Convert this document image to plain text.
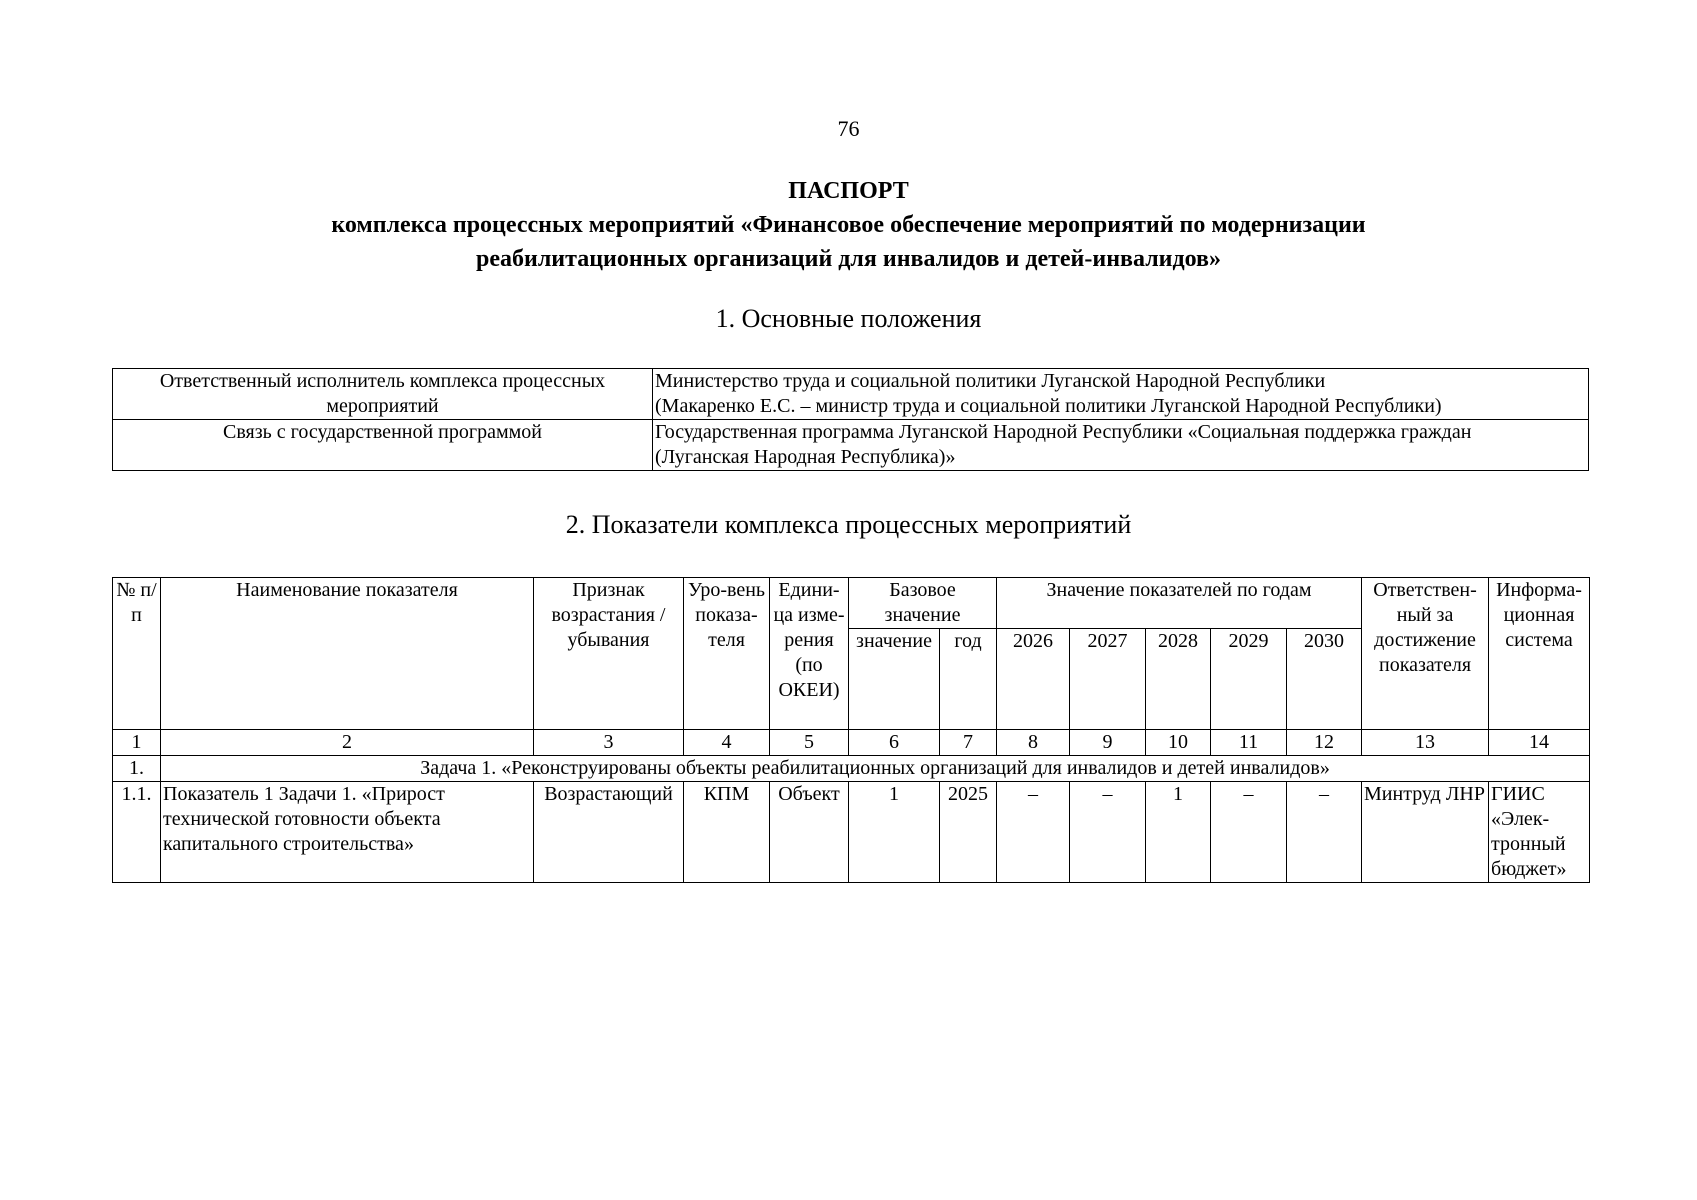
76
ПАСПОРТ
комплекса процессных мероприятий «Финансовое обеспечение мероприятий по модернизации
реабилитационных организаций для инвалидов и детей-инвалидов»
1. Основные положения
Ответственный исполнитель комплекса процессных мероприятий	Министерство труда и социальной политики Луганской Народной Республики
(Макаренко Е.С. – министр труда и социальной политики Луганской Народной Республики)

Связь с государственной программой	Государственная программа Луганской Народной Республики «Социальная поддержка граждан
(Луганская Народная Республика)»
2. Показатели комплекса процессных мероприятий
№ п/п	Наименование показателя	Признак возрастания / убывания	Уро-вень показа-теля	Едини-ца изме-рения (по ОКЕИ)	Базовое значение		Значение показателей по годам					Ответствен-ный за достижение показателя	Информа-ционная система
					значение	год	2026	2027	2028	2029	2030		
1	2	3	4	5	6	7	8	9	10	11	12	13	14
1.	Задача 1. «Реконструированы объекты реабилитационных организаций для инвалидов и детей инвалидов»												
1.1.	Показатель 1 Задачи 1. «Прирост технической готовности объекта капитального строительства»	Возрастающий	КПМ	Объект	1	2025	–	–	1	–	–	Минтруд ЛНР	ГИИС «Элек-тронный бюджет»
